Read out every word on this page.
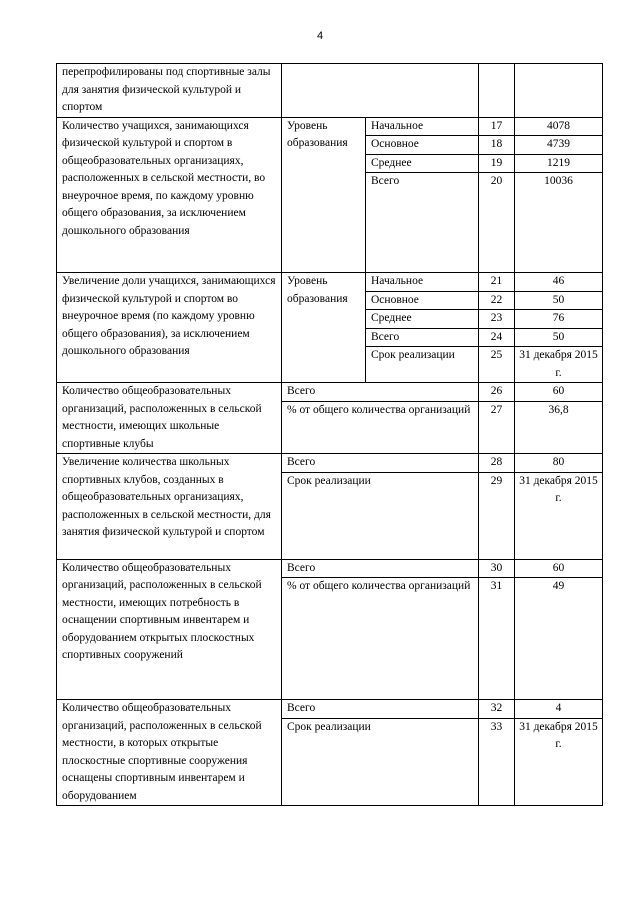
4
перепрофилированы под спортивные залы для занятия физической культурой и спортом				
Количество учащихся, занимающихся физической культурой и спортом в общеобразовательных организациях, расположенных в сельской местности, во внеурочное время, по каждому уровню общего образования, за исключением дошкольного образования	Уровень образования	Начальное	17	4078
		Основное	18	4739
		Среднее	19	1219
		Всего	20	10036
Увеличение доли учащихся, занимающихся физической культурой и спортом во внеурочное время (по каждому уровню общего образования), за исключением дошкольного образования	Уровень образования	Начальное	21	46
		Основное	22	50
		Среднее	23	76
		Всего	24	50
		Срок реализации	25	31 декабря 2015 г.
Количество общеобразовательных организаций, расположенных в сельской местности, имеющих школьные спортивные клубы	Всего		26	60
	% от общего количества организаций		27	36,8
Увеличение количества школьных спортивных клубов, созданных в общеобразовательных организациях, расположенных в сельской местности, для занятия физической культурой и спортом	Всего		28	80
	Срок реализации		29	31 декабря 2015 г.
Количество общеобразовательных организаций, расположенных в сельской местности, имеющих потребность в оснащении спортивным инвентарем и оборудованием открытых плоскостных спортивных сооружений	Всего		30	60
	% от общего количества организаций		31	49
Количество общеобразовательных организаций, расположенных в сельской местности, в которых открытые плоскостные спортивные сооружения оснащены спортивным инвентарем и оборудованием	Всего		32	4
	Срок реализации		33	31 декабря 2015 г.
